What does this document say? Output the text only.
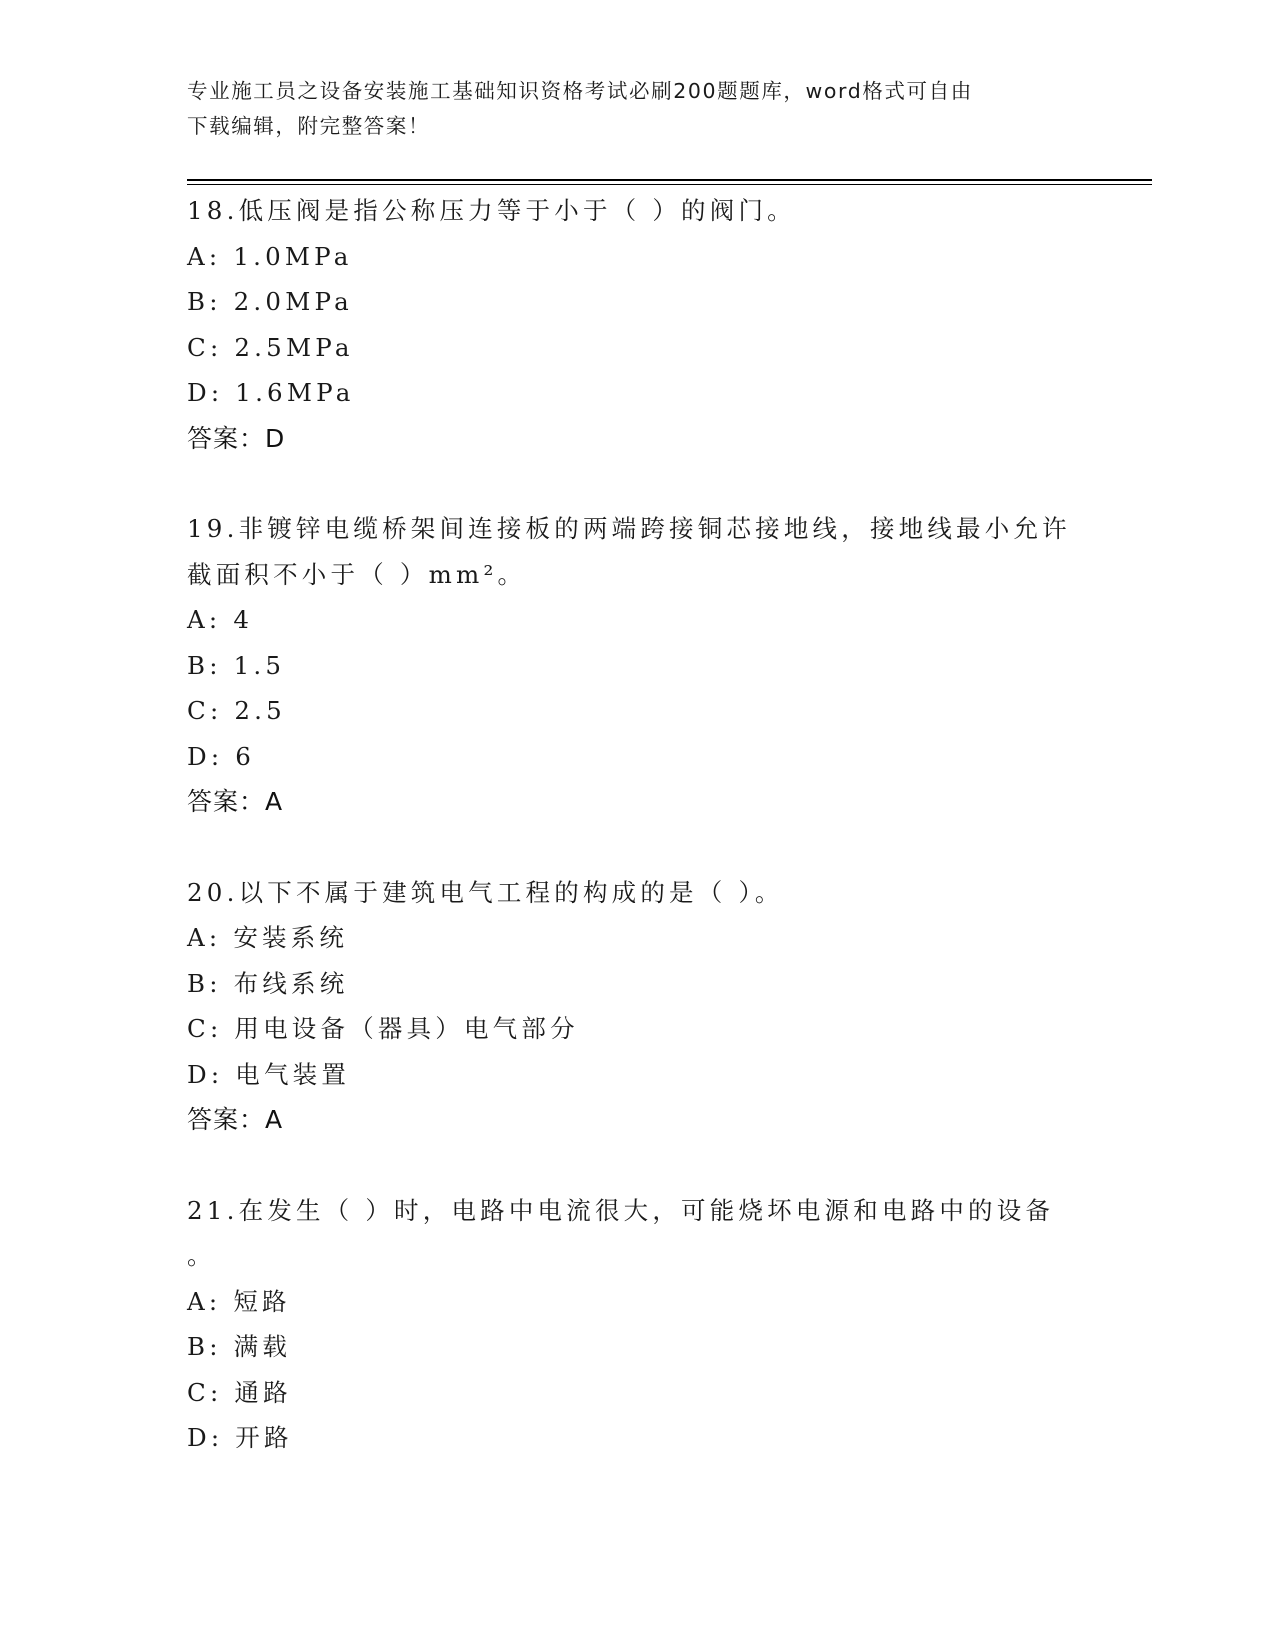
专业施工员之设备安装施工基础知识资格考试必刷200题题库，word格式可自由
下载编辑，附完整答案！
18.低压阀是指公称压力等于小于（ ）的阀门。
A: 1.0MPa
B: 2.0MPa
C: 2.5MPa
D: 1.6MPa
答案：D
19.非镀锌电缆桥架间连接板的两端跨接铜芯接地线，接地线最小允许
截面积不小于（ ）mm²。
A: 4
B: 1.5
C: 2.5
D: 6
答案：A
20.以下不属于建筑电气工程的构成的是（ ）。
A: 安装系统
B: 布线系统
C: 用电设备（器具）电气部分
D: 电气装置
答案：A
21.在发生（ ）时，电路中电流很大，可能烧坏电源和电路中的设备
。
A: 短路
B: 满载
C: 通路
D: 开路
